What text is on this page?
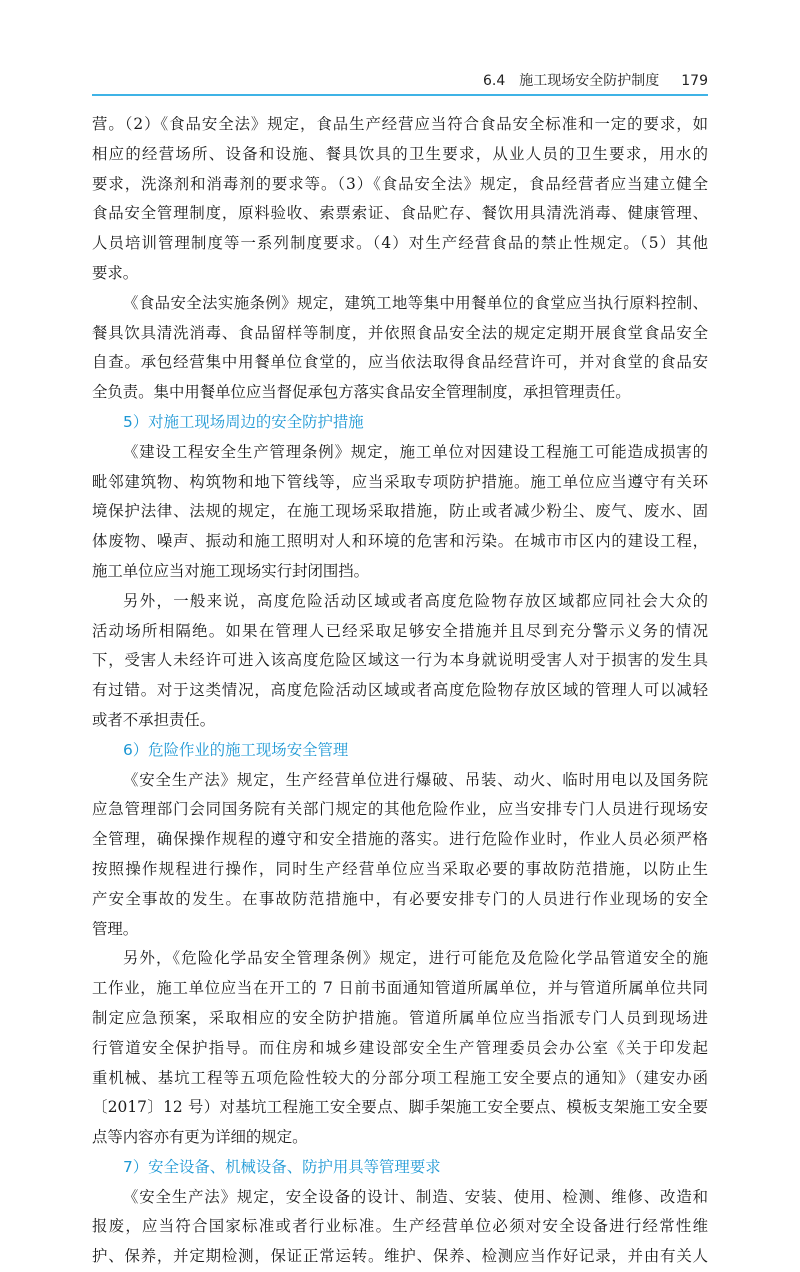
6.4　施工现场安全防护制度 179
营。（2）《食品安全法》规定，食品生产经营应当符合食品安全标准和一定的要求，如
相应的经营场所、设备和设施、餐具饮具的卫生要求，从业人员的卫生要求，用水的
要求，洗涤剂和消毒剂的要求等。（3）《食品安全法》规定，食品经营者应当建立健全
食品安全管理制度，原料验收、索票索证、食品贮存、餐饮用具清洗消毒、健康管理、
人员培训管理制度等一系列制度要求。（4）对生产经营食品的禁止性规定。（5）其他
要求。
《食品安全法实施条例》规定，建筑工地等集中用餐单位的食堂应当执行原料控制、
餐具饮具清洗消毒、食品留样等制度，并依照食品安全法的规定定期开展食堂食品安全
自查。承包经营集中用餐单位食堂的，应当依法取得食品经营许可，并对食堂的食品安
全负责。集中用餐单位应当督促承包方落实食品安全管理制度，承担管理责任。
5）对施工现场周边的安全防护措施
《建设工程安全生产管理条例》规定，施工单位对因建设工程施工可能造成损害的
毗邻建筑物、构筑物和地下管线等，应当采取专项防护措施。施工单位应当遵守有关环
境保护法律、法规的规定，在施工现场采取措施，防止或者减少粉尘、废气、废水、固
体废物、噪声、振动和施工照明对人和环境的危害和污染。在城市市区内的建设工程，
施工单位应当对施工现场实行封闭围挡。
另外，一般来说，高度危险活动区域或者高度危险物存放区域都应同社会大众的
活动场所相隔绝。如果在管理人已经采取足够安全措施并且尽到充分警示义务的情况
下，受害人未经许可进入该高度危险区域这一行为本身就说明受害人对于损害的发生具
有过错。对于这类情况，高度危险活动区域或者高度危险物存放区域的管理人可以减轻
或者不承担责任。
6）危险作业的施工现场安全管理
《安全生产法》规定，生产经营单位进行爆破、吊装、动火、临时用电以及国务院
应急管理部门会同国务院有关部门规定的其他危险作业，应当安排专门人员进行现场安
全管理，确保操作规程的遵守和安全措施的落实。进行危险作业时，作业人员必须严格
按照操作规程进行操作，同时生产经营单位应当采取必要的事故防范措施，以防止生
产安全事故的发生。在事故防范措施中，有必要安排专门的人员进行作业现场的安全
管理。
另外，《危险化学品安全管理条例》规定，进行可能危及危险化学品管道安全的施
工作业，施工单位应当在开工的 7 日前书面通知管道所属单位，并与管道所属单位共同
制定应急预案，采取相应的安全防护措施。管道所属单位应当指派专门人员到现场进
行管道安全保护指导。而住房和城乡建设部安全生产管理委员会办公室《关于印发起
重机械、基坑工程等五项危险性较大的分部分项工程施工安全要点的通知》（建安办函
〔2017〕12 号）对基坑工程施工安全要点、脚手架施工安全要点、模板支架施工安全要
点等内容亦有更为详细的规定。
7）安全设备、机械设备、防护用具等管理要求
《安全生产法》规定，安全设备的设计、制造、安装、使用、检测、维修、改造和
报废，应当符合国家标准或者行业标准。生产经营单位必须对安全设备进行经常性维
护、保养，并定期检测，保证正常运转。维护、保养、检测应当作好记录，并由有关人
